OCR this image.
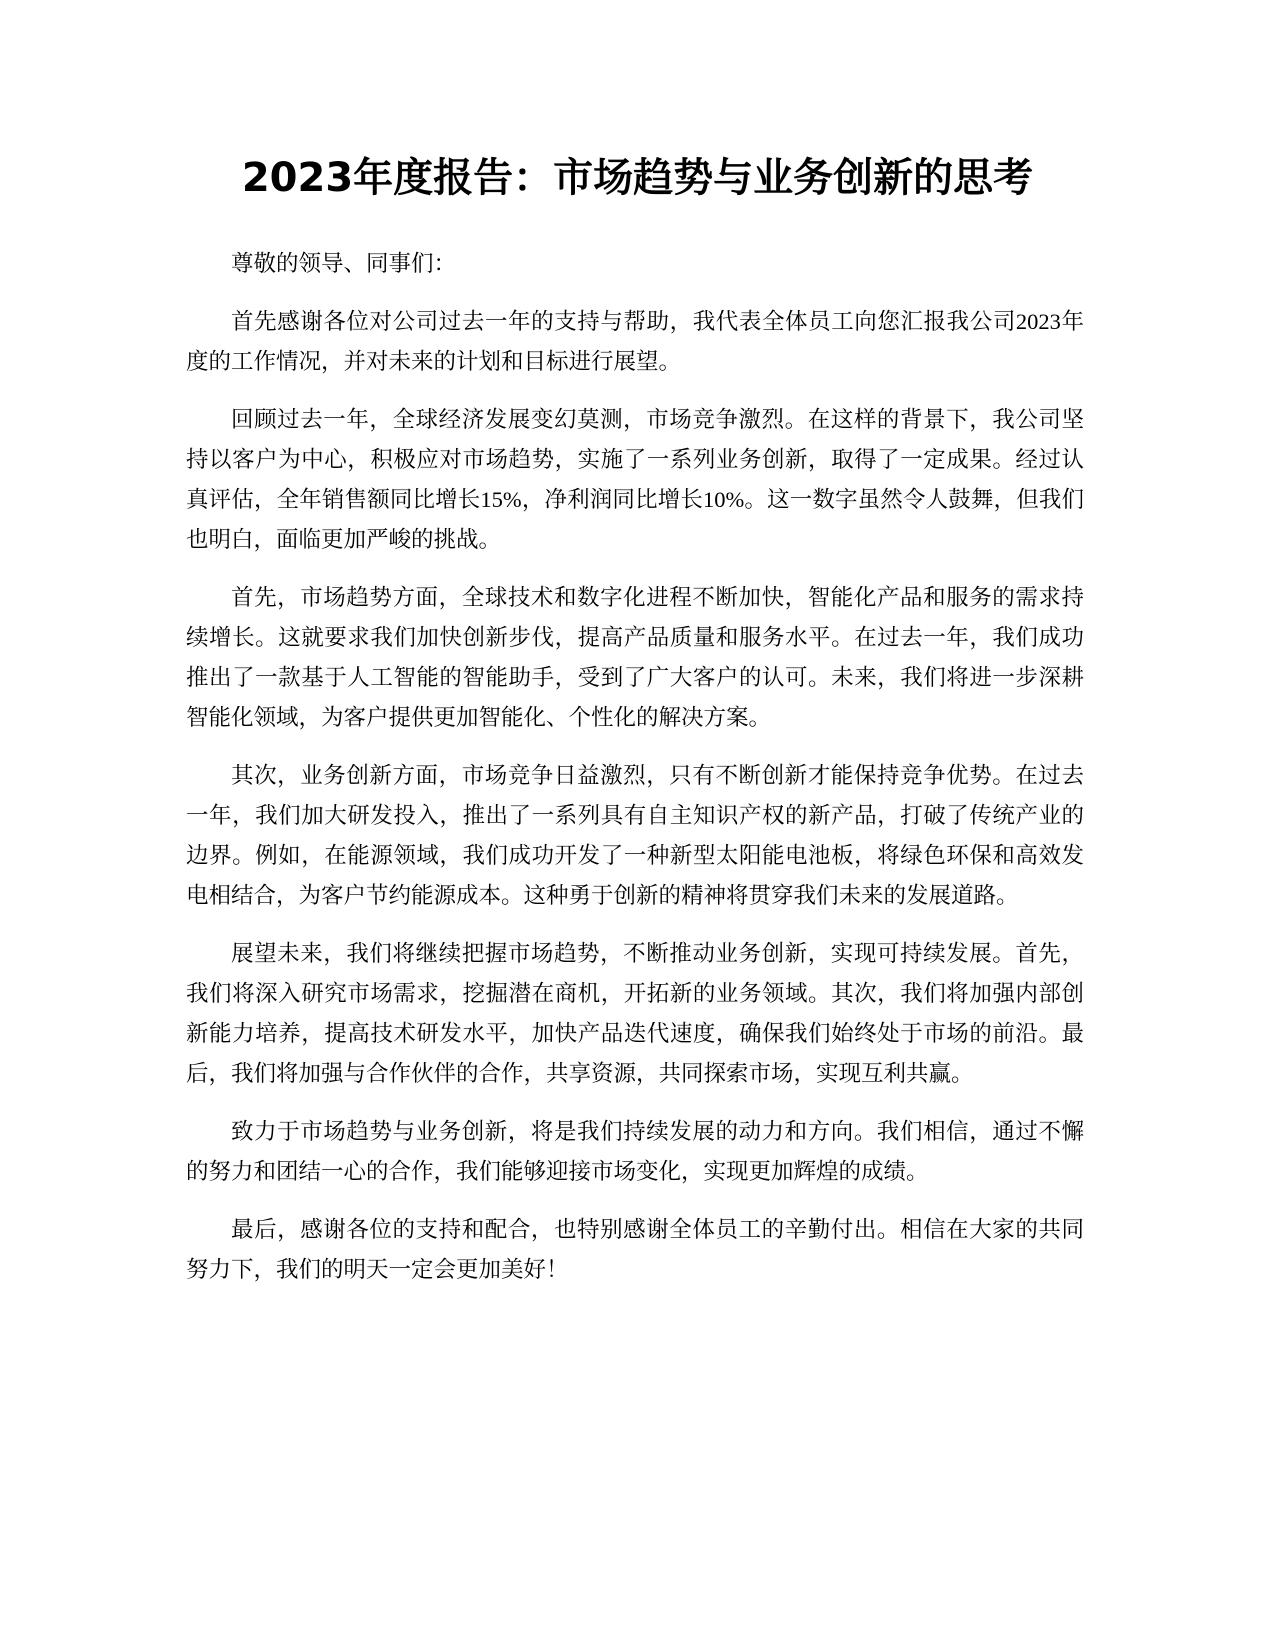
2023年度报告：市场趋势与业务创新的思考

尊敬的领导、同事们：

首先感谢各位对公司过去一年的支持与帮助，我代表全体员工向您汇报我公司2023年度的工作情况，并对未来的计划和目标进行展望。

回顾过去一年，全球经济发展变幻莫测，市场竞争激烈。在这样的背景下，我公司坚持以客户为中心，积极应对市场趋势，实施了一系列业务创新，取得了一定成果。经过认真评估，全年销售额同比增长15%，净利润同比增长10%。这一数字虽然令人鼓舞，但我们也明白，面临更加严峻的挑战。

首先，市场趋势方面，全球技术和数字化进程不断加快，智能化产品和服务的需求持续增长。这就要求我们加快创新步伐，提高产品质量和服务水平。在过去一年，我们成功推出了一款基于人工智能的智能助手，受到了广大客户的认可。未来，我们将进一步深耕智能化领域，为客户提供更加智能化、个性化的解决方案。

其次，业务创新方面，市场竞争日益激烈，只有不断创新才能保持竞争优势。在过去一年，我们加大研发投入，推出了一系列具有自主知识产权的新产品，打破了传统产业的边界。例如，在能源领域，我们成功开发了一种新型太阳能电池板，将绿色环保和高效发电相结合，为客户节约能源成本。这种勇于创新的精神将贯穿我们未来的发展道路。

展望未来，我们将继续把握市场趋势，不断推动业务创新，实现可持续发展。首先，我们将深入研究市场需求，挖掘潜在商机，开拓新的业务领域。其次，我们将加强内部创新能力培养，提高技术研发水平，加快产品迭代速度，确保我们始终处于市场的前沿。最后，我们将加强与合作伙伴的合作，共享资源，共同探索市场，实现互利共赢。

致力于市场趋势与业务创新，将是我们持续发展的动力和方向。我们相信，通过不懈的努力和团结一心的合作，我们能够迎接市场变化，实现更加辉煌的成绩。

最后，感谢各位的支持和配合，也特别感谢全体员工的辛勤付出。相信在大家的共同努力下，我们的明天一定会更加美好！
